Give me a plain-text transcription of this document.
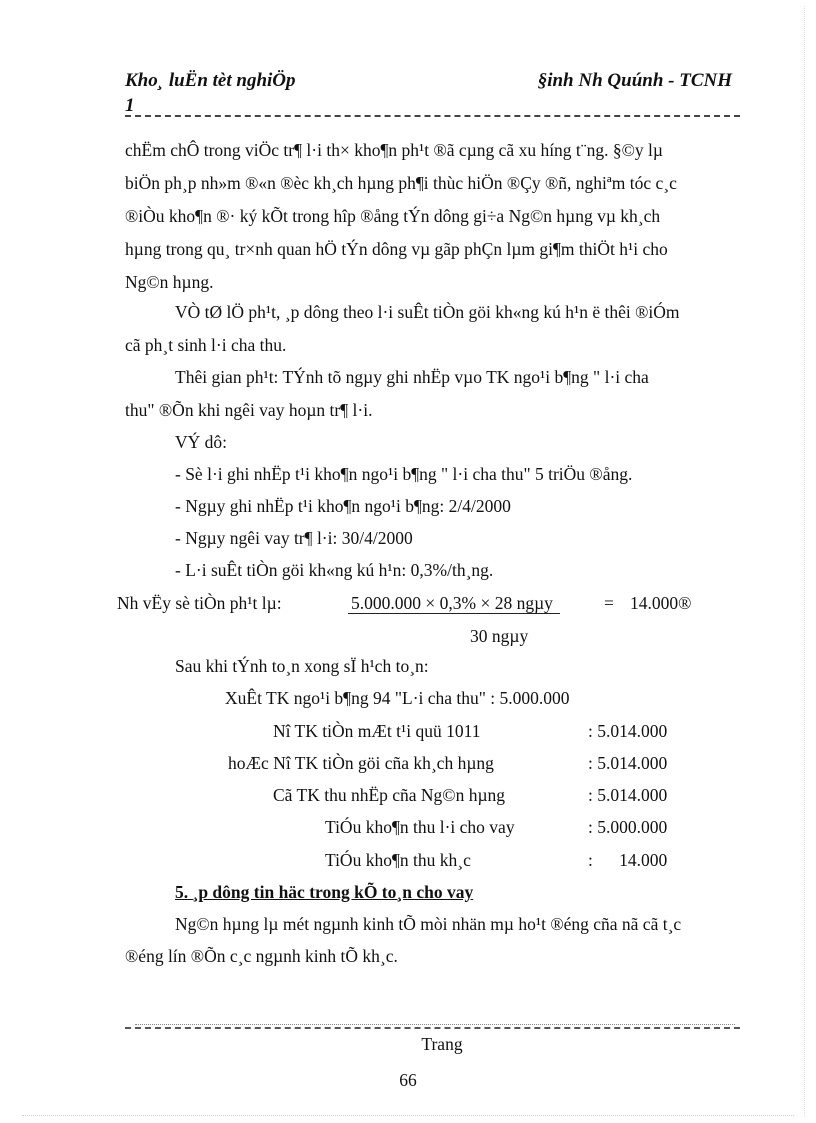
Kho¸ luËn tèt nghiÖp
1
§inh Nh Quúnh - TCNH
chËm chÔ trong viÖc tr¶ l·i th× kho¶n ph¹t ®ã cµng cã xu híng t¨ng. §©y lµ
biÖn ph¸p nh»m ®«n ®èc kh¸ch hµng ph¶i thùc hiÖn ®Çy ®ñ, nghiªm tóc c¸c
®iÒu kho¶n ®· ký kÕt trong hîp ®ång tÝn dông gi÷a Ng©n hµng vµ kh¸ch
hµng trong qu¸ tr×nh quan hÖ tÝn dông vµ gãp phÇn lµm gi¶m thiÖt h¹i cho
Ng©n hµng.
VÒ tØ lÖ ph¹t, ¸p dông theo l·i suÊt tiÒn göi kh«ng kú h¹n ë thêi ®iÓm
cã ph¸t sinh l·i cha thu.
Thêi gian ph¹t: TÝnh tõ ngµy ghi nhËp vµo TK ngo¹i b¶ng " l·i cha
thu" ®Õn khi ngêi vay hoµn tr¶ l·i.
VÝ dô:
- Sè l·i ghi nhËp t¹i kho¶n ngo¹i b¶ng " l·i cha thu" 5 triÖu ®ång.
- Ngµy ghi nhËp t¹i kho¶n ngo¹i b¶ng: 2/4/2000
- Ngµy ngêi vay tr¶ l·i: 30/4/2000
- L·i suÊt tiÒn göi kh«ng kú h¹n: 0,3%/th¸ng.
Nh vËy sè tiÒn ph¹t lµ:	5.000.000 × 0,3% × 28 ngµy	= 14.000®
30 ngµy
Sau khi tÝnh to¸n xong sÏ h¹ch to¸n:
XuÊt TK ngo¹i b¶ng 94 "L·i cha thu" : 5.000.000
Nî TK tiÒn mÆt t¹i quü 1011	: 5.014.000
hoÆc Nî TK tiÒn göi cña kh¸ch hµng	: 5.014.000
Cã TK thu nhËp cña Ng©n hµng	: 5.014.000
TiÓu kho¶n thu l·i cho vay	: 5.000.000
TiÓu kho¶n thu kh¸c	:      14.000
5. ¸p dông tin häc trong kÕ to¸n cho vay
Ng©n hµng lµ mét ngµnh kinh tÕ mòi nhän mµ ho¹t ®éng cña nã cã t¸c
®éng lín ®Õn c¸c ngµnh kinh tÕ kh¸c.
Trang
66
